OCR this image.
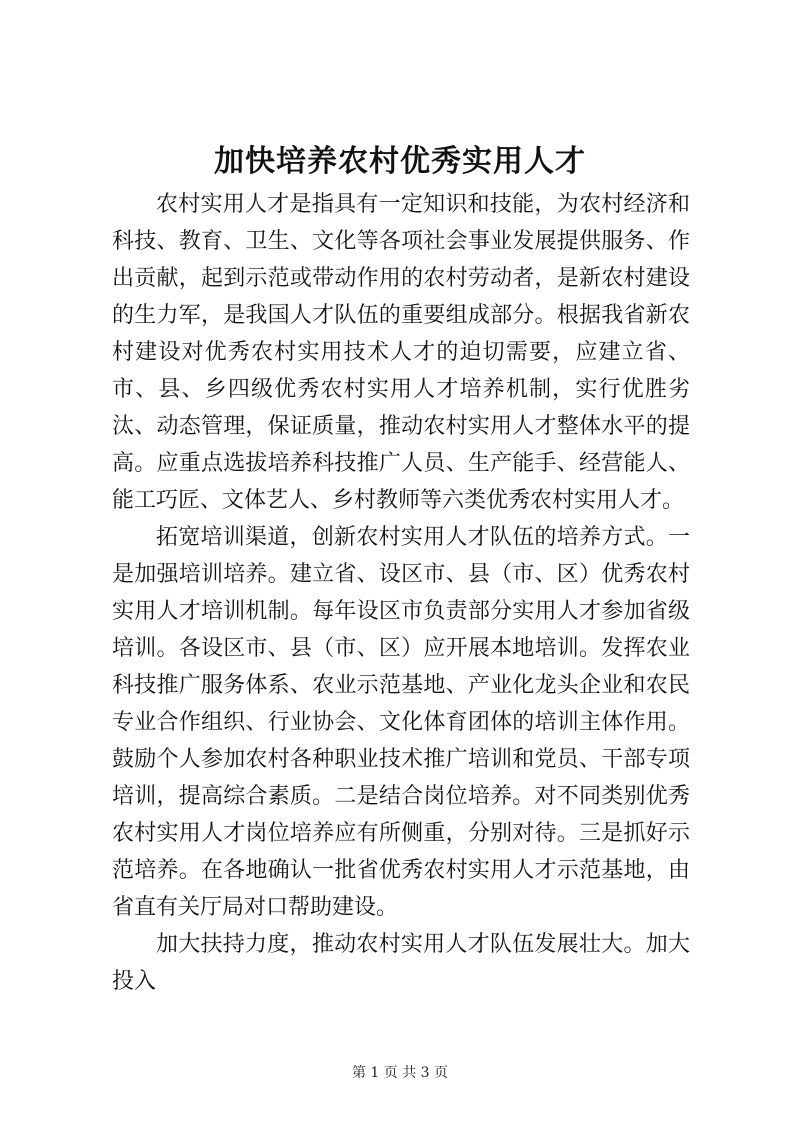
加快培养农村优秀实用人才

农村实用人才是指具有一定知识和技能，为农村经济和科技、教育、卫生、文化等各项社会事业发展提供服务、作出贡献，起到示范或带动作用的农村劳动者，是新农村建设的生力军，是我国人才队伍的重要组成部分。根据我省新农村建设对优秀农村实用技术人才的迫切需要，应建立省、市、县、乡四级优秀农村实用人才培养机制，实行优胜劣汰、动态管理，保证质量，推动农村实用人才整体水平的提高。应重点选拔培养科技推广人员、生产能手、经营能人、能工巧匠、文体艺人、乡村教师等六类优秀农村实用人才。

拓宽培训渠道，创新农村实用人才队伍的培养方式。一是加强培训培养。建立省、设区市、县（市、区）优秀农村实用人才培训机制。每年设区市负责部分实用人才参加省级培训。各设区市、县（市、区）应开展本地培训。发挥农业科技推广服务体系、农业示范基地、产业化龙头企业和农民专业合作组织、行业协会、文化体育团体的培训主体作用。鼓励个人参加农村各种职业技术推广培训和党员、干部专项培训，提高综合素质。二是结合岗位培养。对不同类别优秀农村实用人才岗位培养应有所侧重，分别对待。三是抓好示范培养。在各地确认一批省优秀农村实用人才示范基地，由省直有关厅局对口帮助建设。

加大扶持力度，推动农村实用人才队伍发展壮大。加大投入

第 1 页 共 3 页
